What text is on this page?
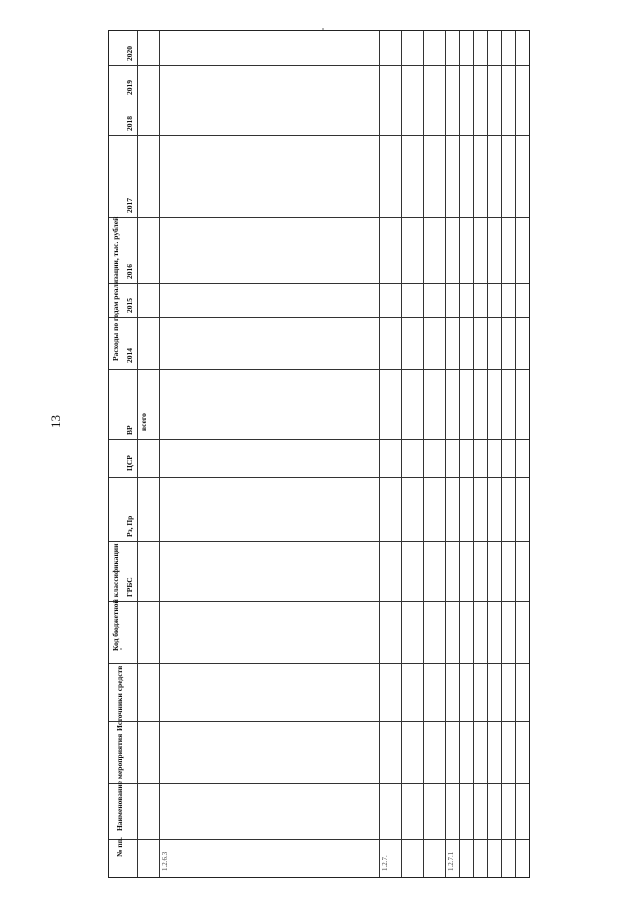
13
№ пп.
Наименование мероприятия
Источники средств
Код бюджетной классификации ГРБС
Рз, Пр
ЦСР
ВР
Расходы по годам реализации, тыс. рублей
всего
2014
2015
2016
2017
2018
2019
2020
1.2.6.3	1.2.7.	1.2.7.1
